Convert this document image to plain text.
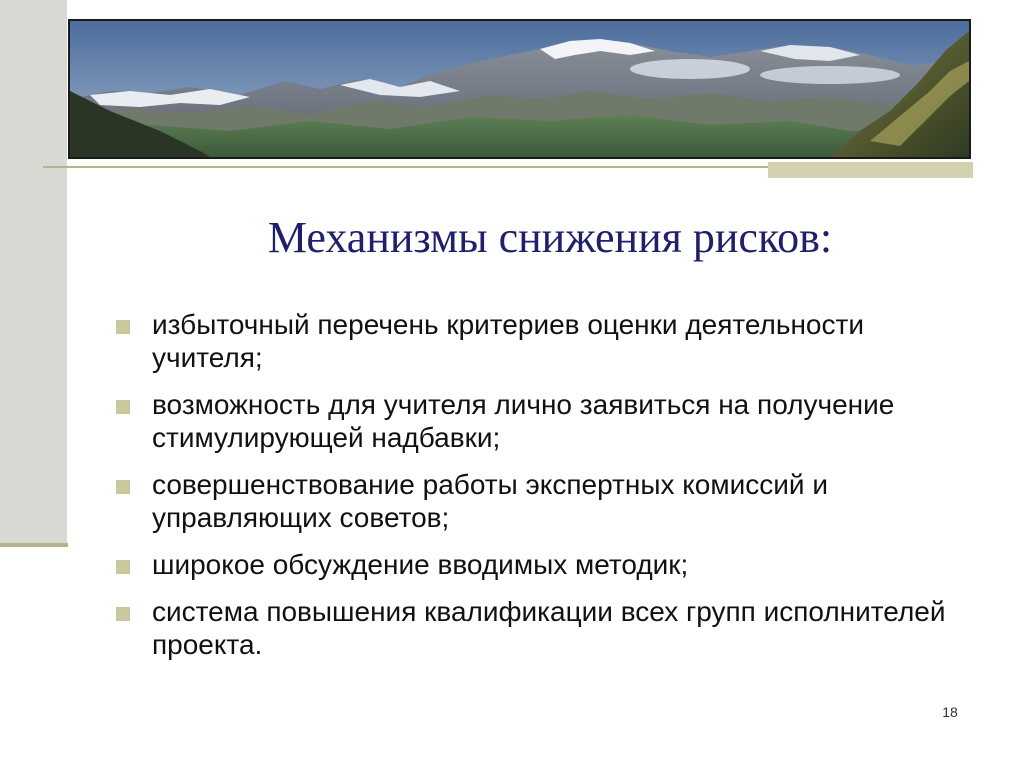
Механизмы снижения рисков:
избыточный перечень критериев оценки деятельности учителя;
возможность для учителя лично заявиться на получение стимулирующей надбавки;
совершенствование работы экспертных комиссий и управляющих советов;
широкое обсуждение вводимых методик;
система повышения квалификации всех групп исполнителей проекта.
18
